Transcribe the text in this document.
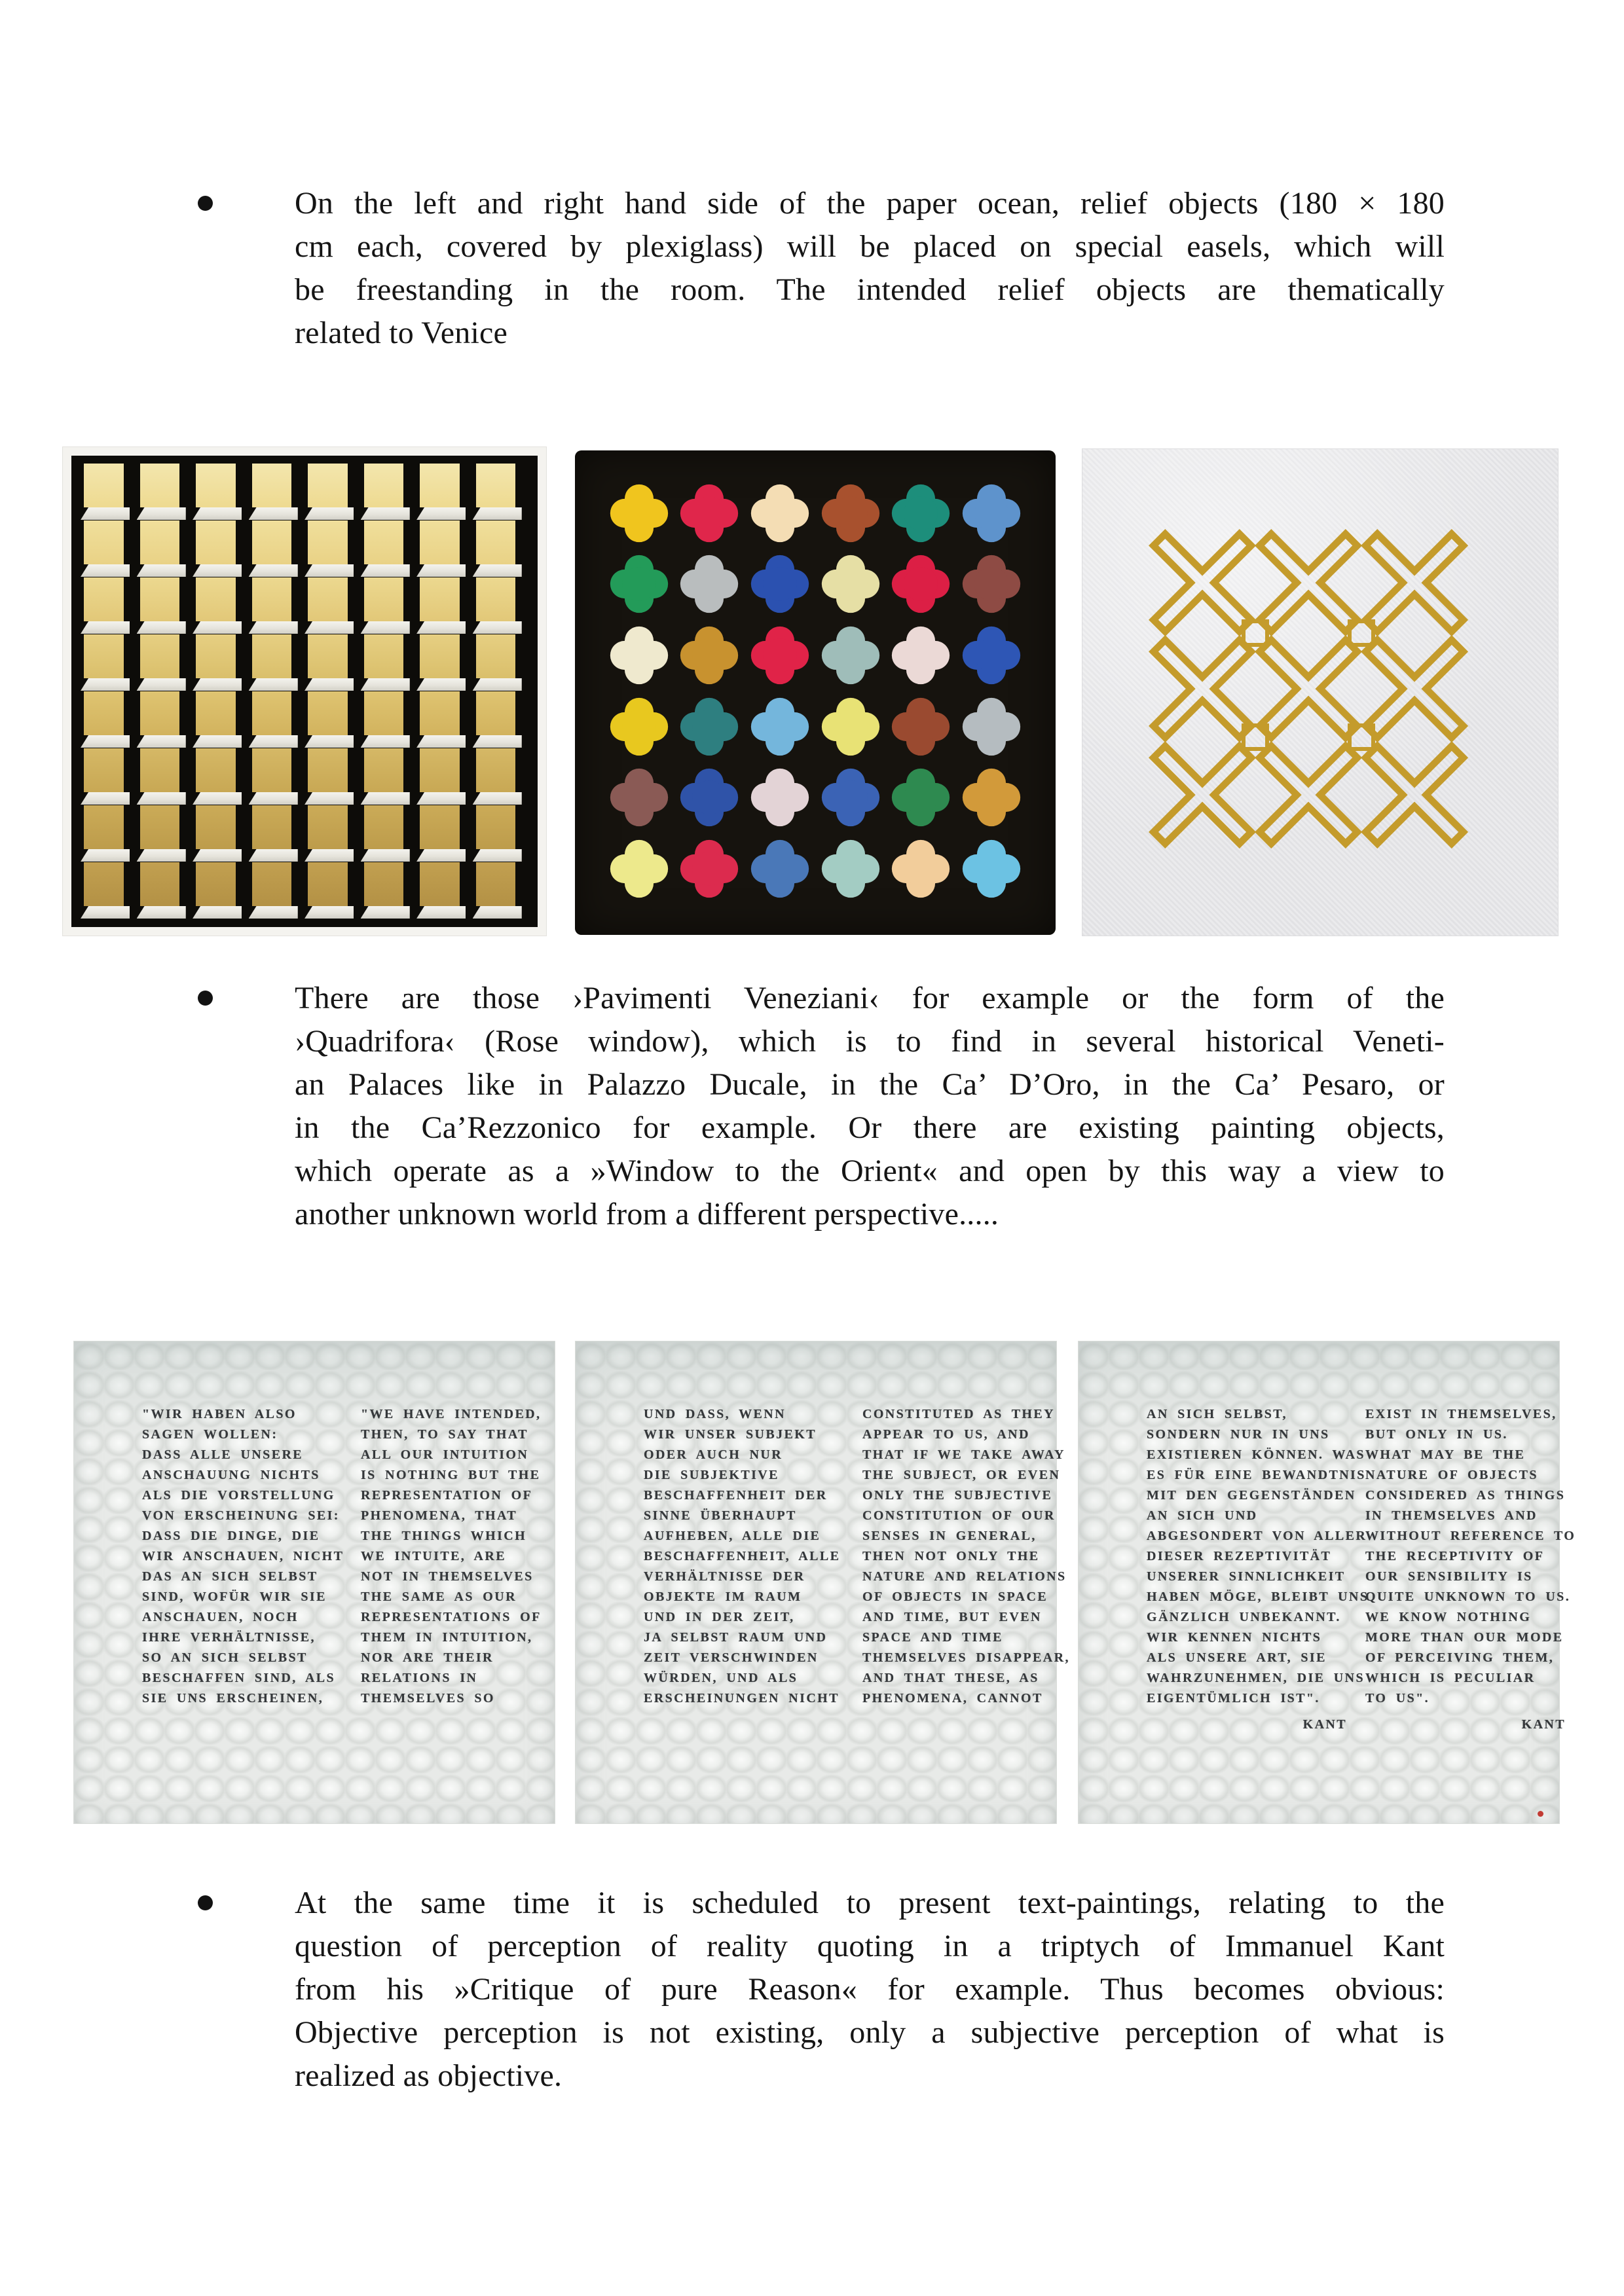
On the left and right hand side of the paper ocean, relief objects (180 × 180
cm each, covered by plexiglass) will be placed on special easels, which will
be freestanding in the room. The intended relief objects are thematically
related to Venice
There are those ›Pavimenti Veneziani‹ for example or the form of the
›Quadrifora‹ (Rose window), which is to find in several historical Veneti-
an Palaces like in Palazzo Ducale, in the Ca’ D’Oro, in the Ca’ Pesaro, or
in the Ca’Rezzonico for example. Or there are existing painting objects,
which operate as a »Window to the Orient« and open by this way a view to
another unknown world from a different perspective.....
"WIR HABEN ALSO
SAGEN WOLLEN:
DASS ALLE UNSERE
ANSCHAUUNG NICHTS
ALS DIE VORSTELLUNG
VON ERSCHEINUNG SEI:
DASS DIE DINGE, DIE
WIR ANSCHAUEN, NICHT
DAS AN SICH SELBST
SIND, WOFÜR WIR SIE
ANSCHAUEN, NOCH
IHRE VERHÄLTNISSE,
SO AN SICH SELBST
BESCHAFFEN SIND, ALS
SIE UNS ERSCHEINEN,
"WE HAVE INTENDED,
THEN, TO SAY THAT
ALL OUR INTUITION
IS NOTHING BUT THE
REPRESENTATION OF
PHENOMENA, THAT
THE THINGS WHICH
WE INTUITE, ARE
NOT IN THEMSELVES
THE SAME AS OUR
REPRESENTATIONS OF
THEM IN INTUITION,
NOR ARE THEIR
RELATIONS IN
THEMSELVES SO
UND DASS, WENN
WIR UNSER SUBJEKT
ODER AUCH NUR
DIE SUBJEKTIVE
BESCHAFFENHEIT DER
SINNE ÜBERHAUPT
AUFHEBEN, ALLE DIE
BESCHAFFENHEIT, ALLE
VERHÄLTNISSE DER
OBJEKTE IM RAUM
UND IN DER ZEIT,
JA SELBST RAUM UND
ZEIT VERSCHWINDEN
WÜRDEN, UND ALS
ERSCHEINUNGEN NICHT
CONSTITUTED AS THEY
APPEAR TO US, AND
THAT IF WE TAKE AWAY
THE SUBJECT, OR EVEN
ONLY THE SUBJECTIVE
CONSTITUTION OF OUR
SENSES IN GENERAL,
THEN NOT ONLY THE
NATURE AND RELATIONS
OF OBJECTS IN SPACE
AND TIME, BUT EVEN
SPACE AND TIME
THEMSELVES DISAPPEAR,
AND THAT THESE, AS
PHENOMENA, CANNOT
AN SICH SELBST,
SONDERN NUR IN UNS
EXISTIEREN KÖNNEN. WAS
ES FÜR EINE BEWANDTNIS
MIT DEN GEGENSTÄNDEN
AN SICH UND
ABGESONDERT VON ALLER
DIESER REZEPTIVITÄT
UNSERER SINNLICHKEIT
HABEN MÖGE, BLEIBT UNS
GÄNZLICH UNBEKANNT.
WIR KENNEN NICHTS
ALS UNSERE ART, SIE
WAHRZUNEHMEN, DIE UNS
EIGENTÜMLICH IST".
KANT
EXIST IN THEMSELVES,
BUT ONLY IN US.
WHAT MAY BE THE
NATURE OF OBJECTS
CONSIDERED AS THINGS
IN THEMSELVES AND
WITHOUT REFERENCE TO
THE RECEPTIVITY OF
OUR SENSIBILITY IS
QUITE UNKNOWN TO US.
WE KNOW NOTHING
MORE THAN OUR MODE
OF PERCEIVING THEM,
WHICH IS PECULIAR
TO US".
KANT
At the same time it is scheduled to present text-paintings, relating to the
question of perception of reality quoting in a triptych of Immanuel Kant
from his »Critique of pure Reason« for example. Thus becomes obvious:
Objective perception is not existing, only a subjective perception of what is
realized as objective.
